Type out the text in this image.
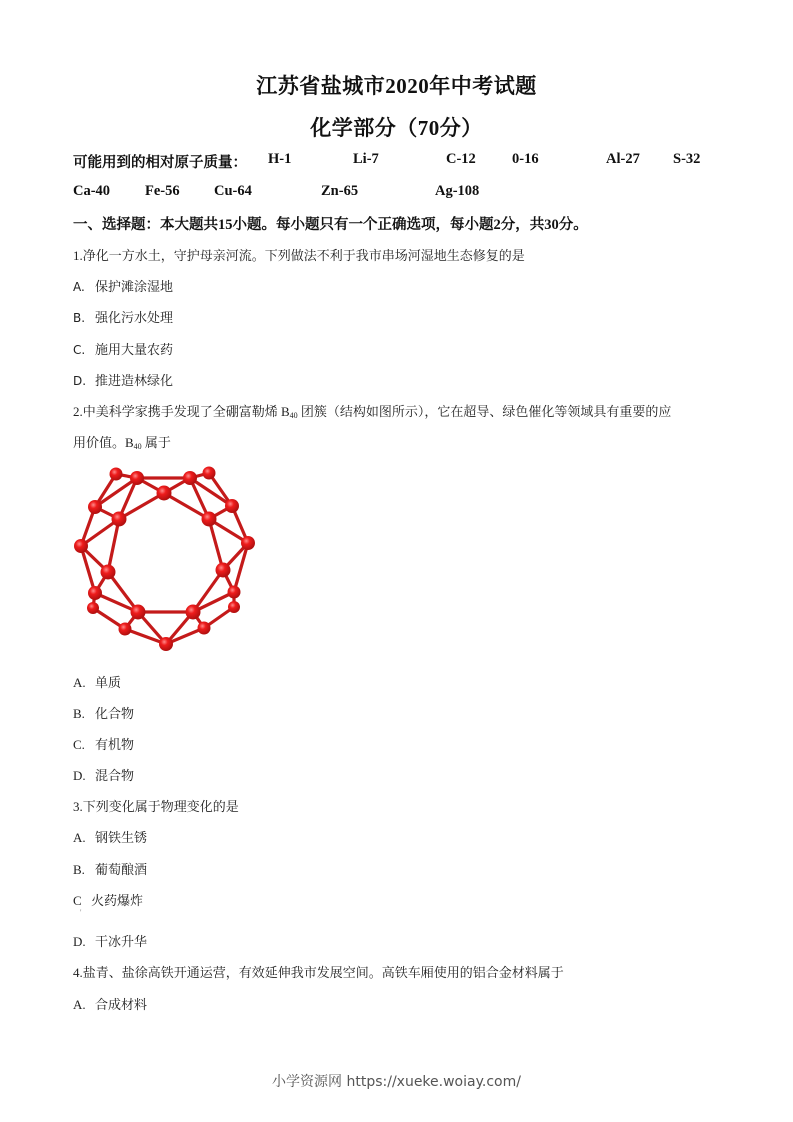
江苏省盐城市2020年中考试题
化学部分（70分）
可能用到的相对原子质量： H-1	Li-7	C-12 0-16	Al-27 S-32
Ca-40 Fe-56 Cu-64	Zn-65	Ag-108
一、选择题：本大题共15小题。每小题只有一个正确选项，每小题2分，共30分。
1.净化一方水土，守护母亲河流。下列做法不利于我市串场河湿地生态修复的是
A. 保护滩涂湿地
B. 强化污水处理
C. 施用大量农药
D. 推进造林绿化
2.中美科学家携手发现了全硼富勒烯 $B_{40}$ 团簇（结构如图所示），它在超导、绿色催化等领域具有重要的应
用价值。$B_{40}$ 属于
A. 单质
B. 化合物
C. 有机物
D. 混合物
3.下列变化属于物理变化的是
A. 钢铁生锈
B. 葡萄酿酒
C 火药爆炸
'
D. 干冰升华
4.盐青、盐徐高铁开通运营，有效延伸我市发展空间。高铁车厢使用的铝合金材料属于
A. 合成材料
小学资源网 https://xueke.woiay.com/
